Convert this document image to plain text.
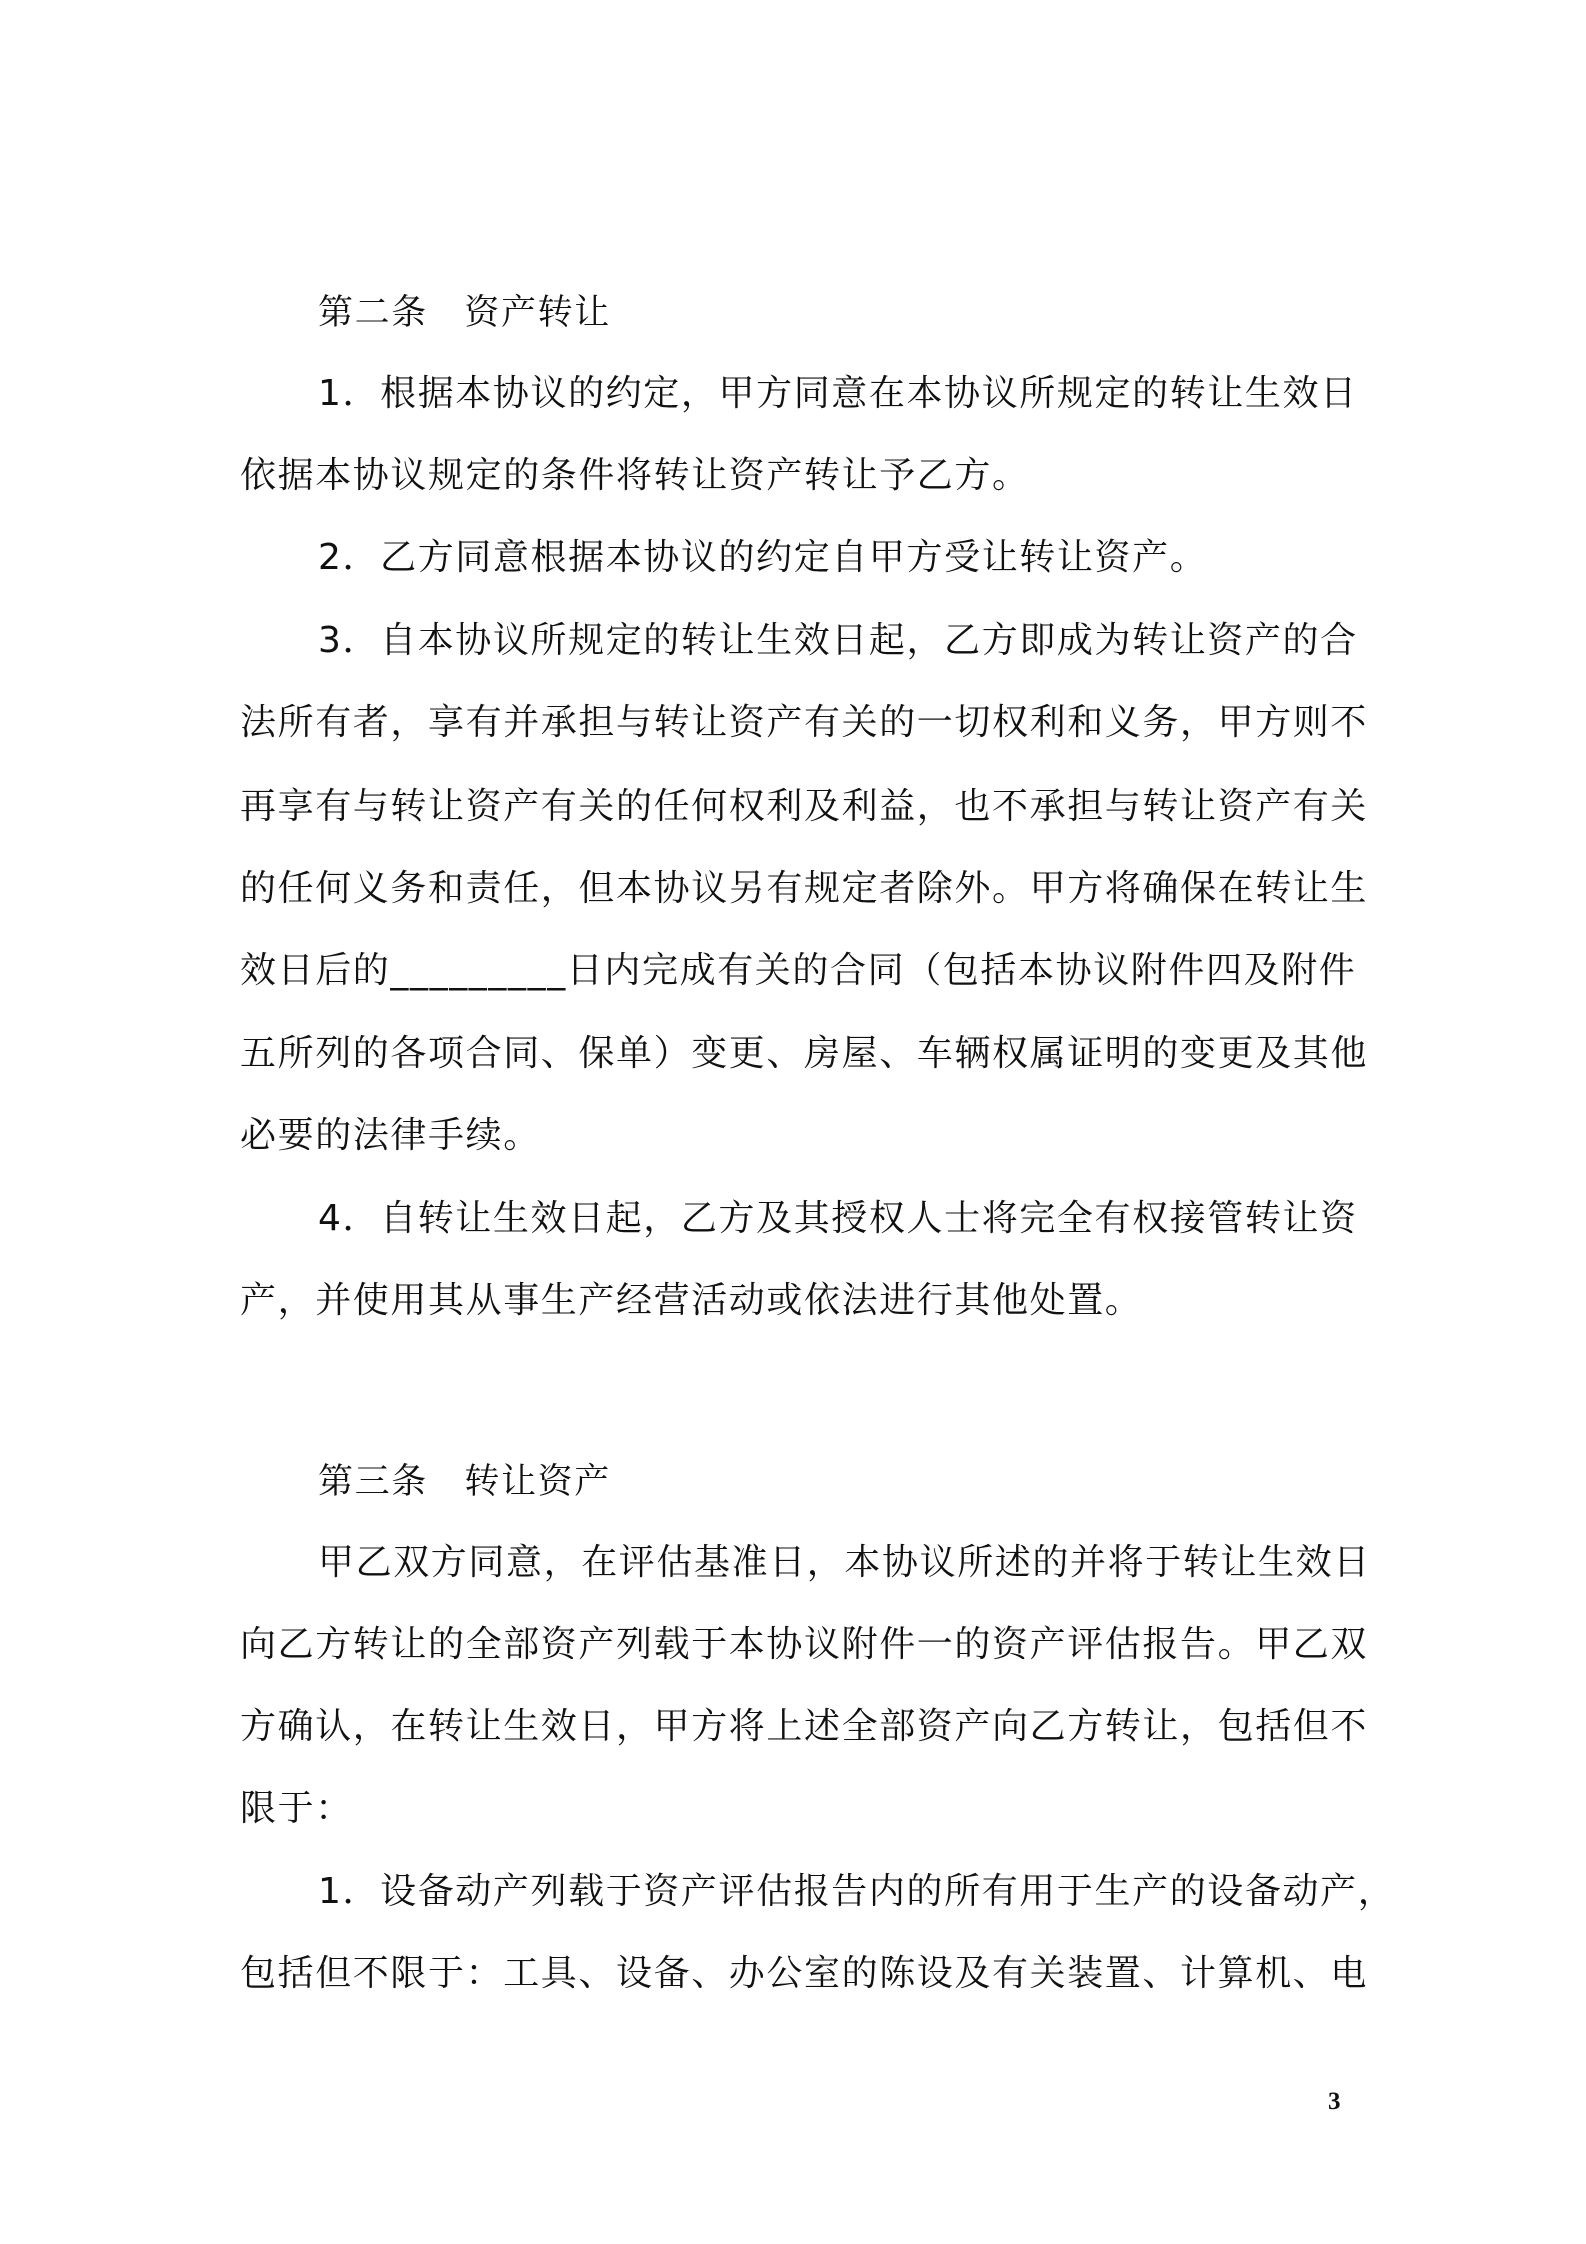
第二条　资产转让
1．根据本协议的约定，甲方同意在本协议所规定的转让生效日
依据本协议规定的条件将转让资产转让予乙方。
2．乙方同意根据本协议的约定自甲方受让转让资产。
3．自本协议所规定的转让生效日起，乙方即成为转让资产的合
法所有者，享有并承担与转让资产有关的一切权利和义务，甲方则不
再享有与转让资产有关的任何权利及利益，也不承担与转让资产有关
的任何义务和责任，但本协议另有规定者除外。甲方将确保在转让生
效日后的_________日内完成有关的合同（包括本协议附件四及附件
五所列的各项合同、保单）变更、房屋、车辆权属证明的变更及其他
必要的法律手续。
4．自转让生效日起，乙方及其授权人士将完全有权接管转让资
产，并使用其从事生产经营活动或依法进行其他处置。
第三条　转让资产
甲乙双方同意，在评估基准日，本协议所述的并将于转让生效日
向乙方转让的全部资产列载于本协议附件一的资产评估报告。甲乙双
方确认，在转让生效日，甲方将上述全部资产向乙方转让，包括但不
限于：
1．设备动产列载于资产评估报告内的所有用于生产的设备动产，
包括但不限于：工具、设备、办公室的陈设及有关装置、计算机、电
3
